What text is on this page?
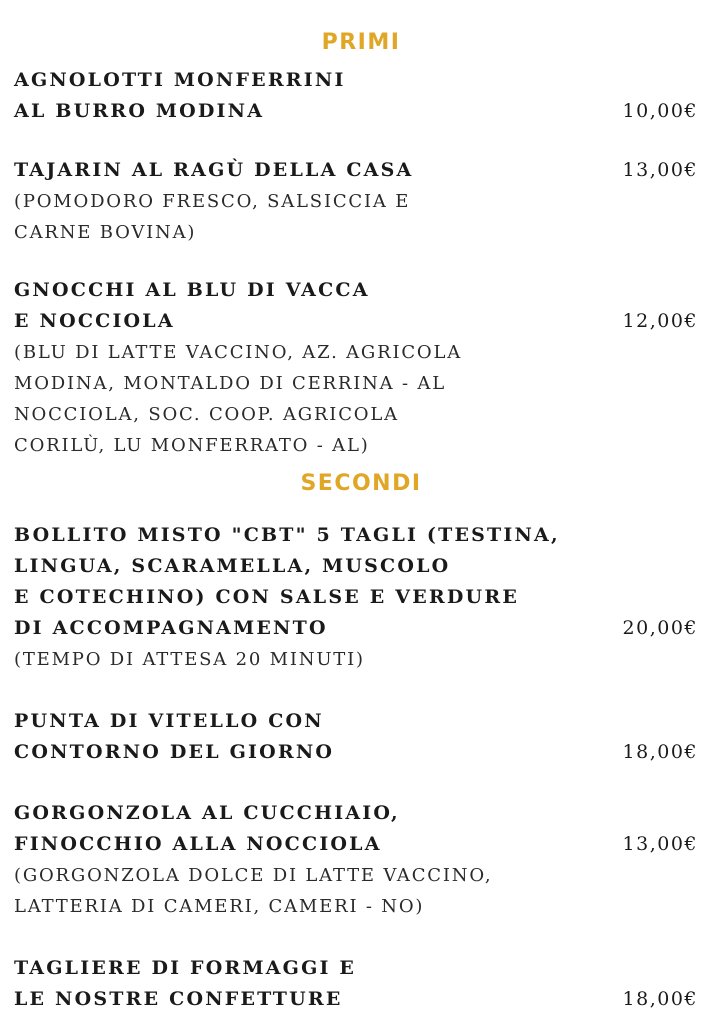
PRIMI
AGNOLOTTI MONFERRINI
AL BURRO MODINA	10,00€
TAJARIN AL RAGÙ DELLA CASA
(POMODORO FRESCO, SALSICCIA E
CARNE BOVINA)
13,00€
GNOCCHI AL BLU DI VACCA
E NOCCIOLA
(BLU DI LATTE VACCINO, AZ. AGRICOLA
MODINA, MONTALDO DI CERRINA - AL
NOCCIOLA, SOC. COOP. AGRICOLA
CORILÙ, LU MONFERRATO - AL)
12,00€
SECONDI
BOLLITO MISTO "CBT" 5 TAGLI (TESTINA,
LINGUA, SCARAMELLA, MUSCOLO
E COTECHINO) CON SALSE E VERDURE
DI ACCOMPAGNAMENTO
(TEMPO DI ATTESA 20 MINUTI)
20,00€
PUNTA DI VITELLO CON
CONTORNO DEL GIORNO	18,00€
GORGONZOLA AL CUCCHIAIO,
FINOCCHIO ALLA NOCCIOLA
(GORGONZOLA DOLCE DI LATTE VACCINO,
LATTERIA DI CAMERI, CAMERI - NO)
13,00€
TAGLIERE DI FORMAGGI E
LE NOSTRE CONFETTURE	18,00€
